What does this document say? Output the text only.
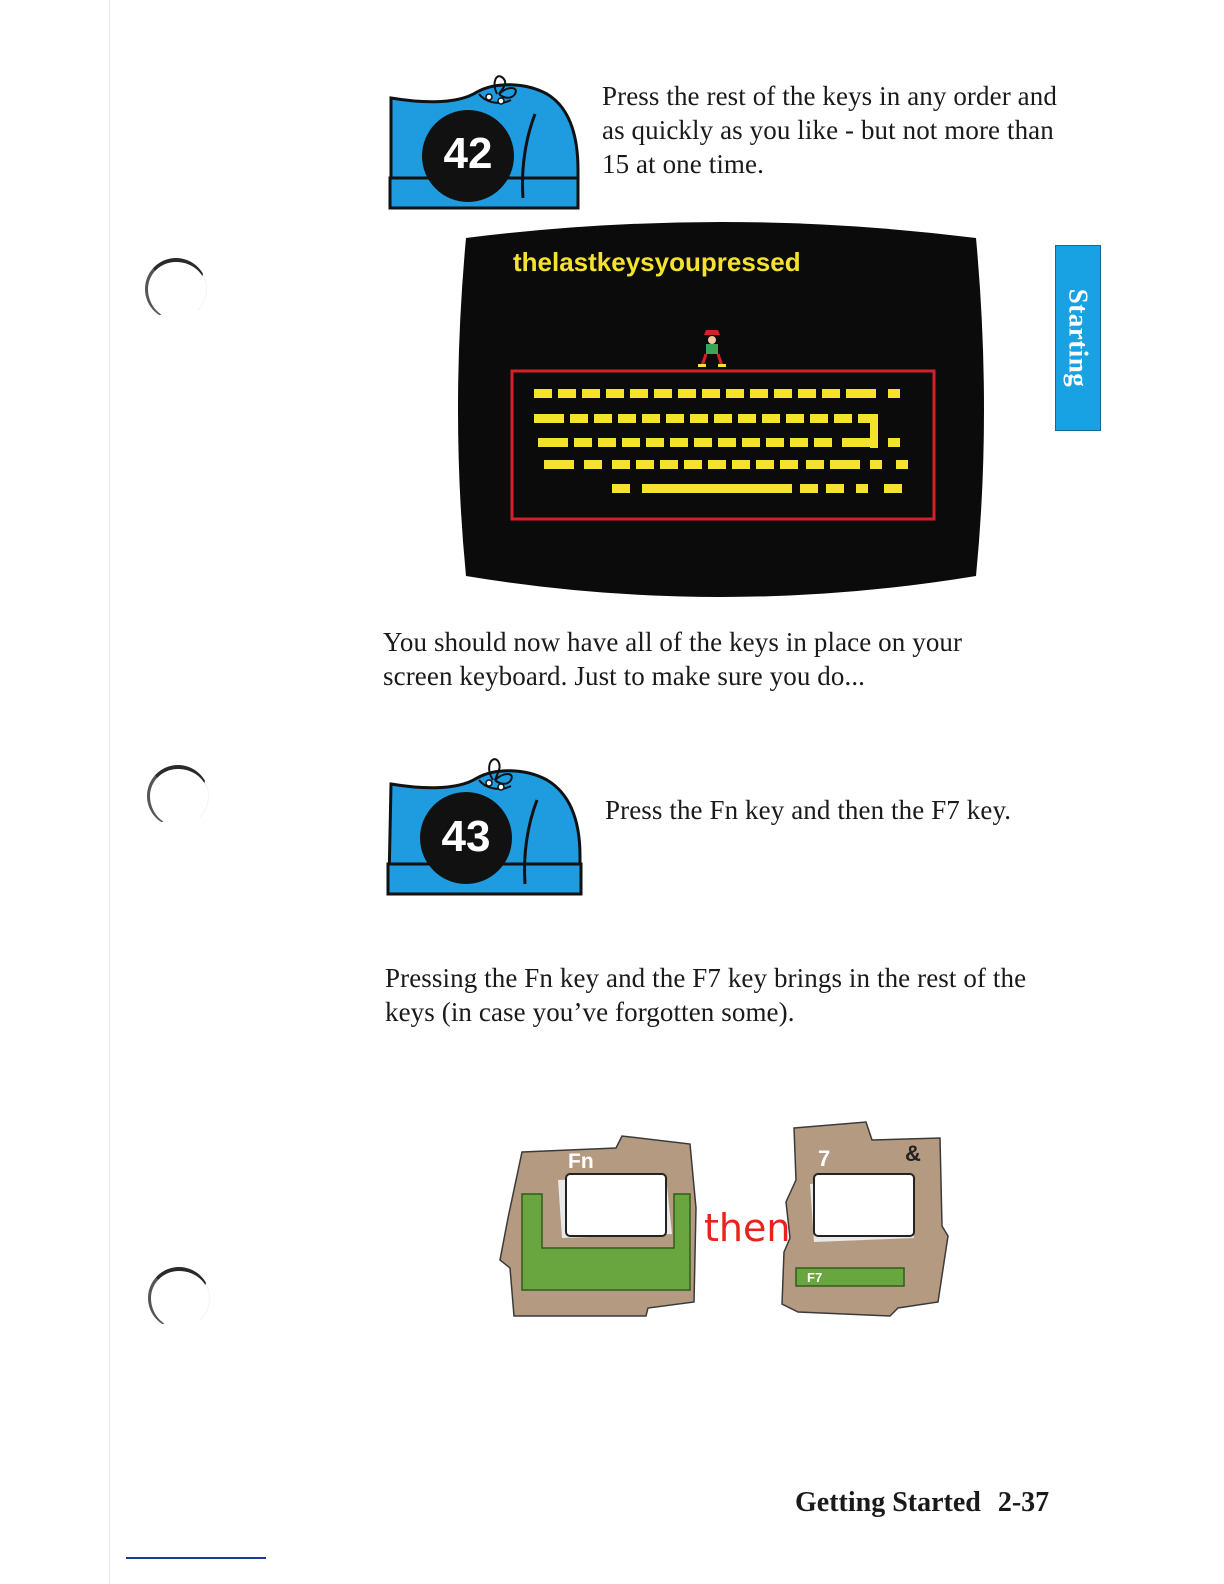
42
Press the rest of the keys in any order and as quickly as you like - but not more than 15 at one time.
thelastkeysyoupressed
You should now have all of the keys in place on your screen keyboard. Just to make sure you do...
43
Press the Fn key and then the F7 key.
Pressing the Fn key and the F7 key brings in the rest of the keys (in case you’ve forgotten some).
Fn
then
7	&
F7
Starting
Getting Started 2-37
